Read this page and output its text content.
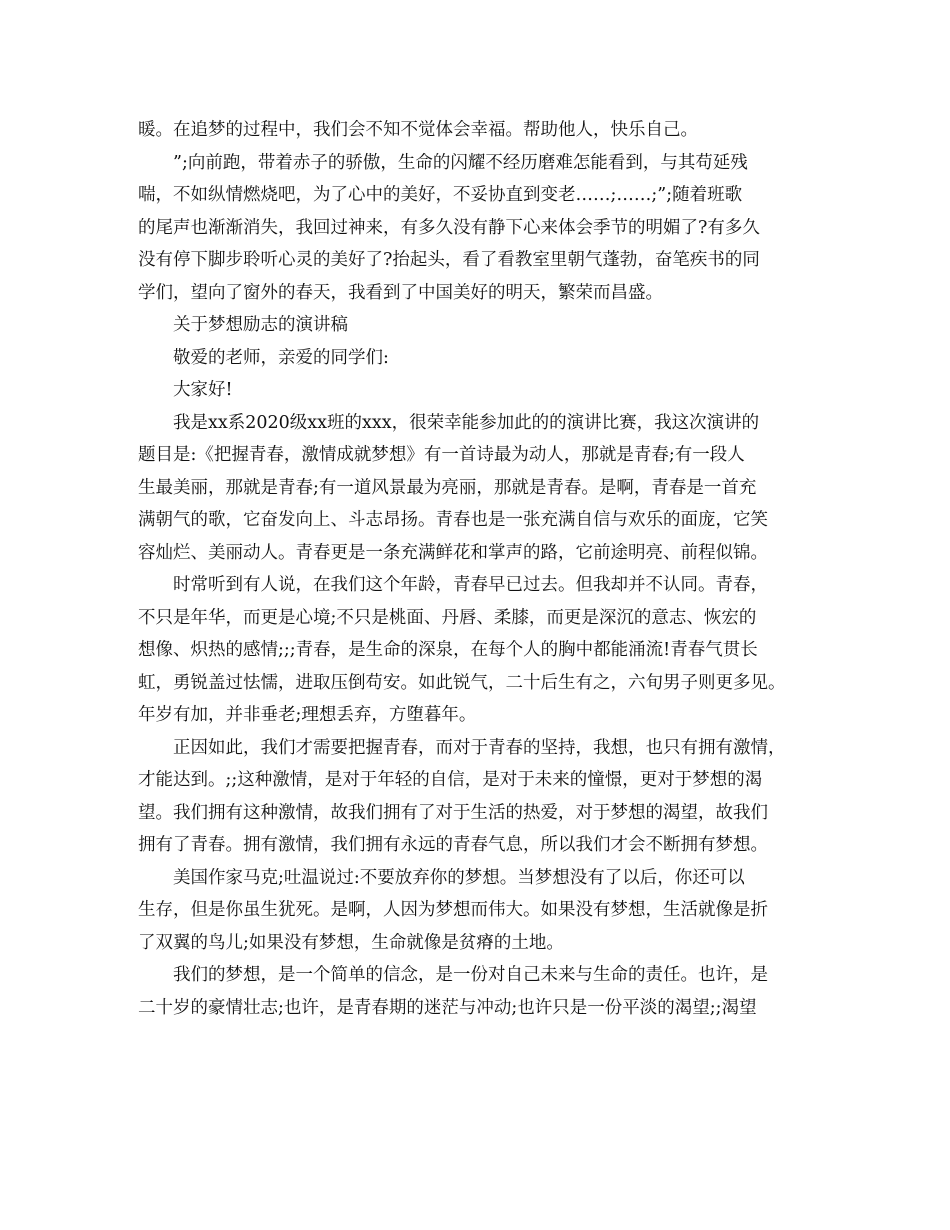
暖。在追梦的过程中，我们会不知不觉体会幸福。帮助他人，快乐自己。
”;向前跑，带着赤子的骄傲，生命的闪耀不经历磨难怎能看到，与其苟延残
喘，不如纵情燃烧吧，为了心中的美好，不妥协直到变老……;……;”;随着班歌
的尾声也渐渐消失，我回过神来，有多久没有静下心来体会季节的明媚了?有多久
没有停下脚步聆听心灵的美好了?抬起头，看了看教室里朝气蓬勃，奋笔疾书的同
学们，望向了窗外的春天，我看到了中国美好的明天，繁荣而昌盛。
关于梦想励志的演讲稿
敬爱的老师，亲爱的同学们:
大家好!
我是xx系2020级xx班的xxx，很荣幸能参加此的的演讲比赛，我这次演讲的
题目是:《把握青春，激情成就梦想》有一首诗最为动人，那就是青春;有一段人
生最美丽，那就是青春;有一道风景最为亮丽，那就是青春。是啊，青春是一首充
满朝气的歌，它奋发向上、斗志昂扬。青春也是一张充满自信与欢乐的面庞，它笑
容灿烂、美丽动人。青春更是一条充满鲜花和掌声的路，它前途明亮、前程似锦。
时常听到有人说，在我们这个年龄，青春早已过去。但我却并不认同。青春，
不只是年华，而更是心境;不只是桃面、丹唇、柔膝，而更是深沉的意志、恢宏的
想像、炽热的感情;;;青春，是生命的深泉，在每个人的胸中都能涌流!青春气贯长
虹，勇锐盖过怯懦，进取压倒苟安。如此锐气，二十后生有之，六旬男子则更多见。
年岁有加，并非垂老;理想丢弃，方堕暮年。
正因如此，我们才需要把握青春，而对于青春的坚持，我想，也只有拥有激情，
才能达到。;;这种激情，是对于年轻的自信，是对于未来的憧憬，更对于梦想的渴
望。我们拥有这种激情，故我们拥有了对于生活的热爱，对于梦想的渴望，故我们
拥有了青春。拥有激情，我们拥有永远的青春气息，所以我们才会不断拥有梦想。
美国作家马克;吐温说过:不要放弃你的梦想。当梦想没有了以后，你还可以
生存，但是你虽生犹死。是啊，人因为梦想而伟大。如果没有梦想，生活就像是折
了双翼的鸟儿;如果没有梦想，生命就像是贫瘠的土地。
我们的梦想，是一个简单的信念，是一份对自己未来与生命的责任。也许，是
二十岁的豪情壮志;也许，是青春期的迷茫与冲动;也许只是一份平淡的渴望;;渴望
